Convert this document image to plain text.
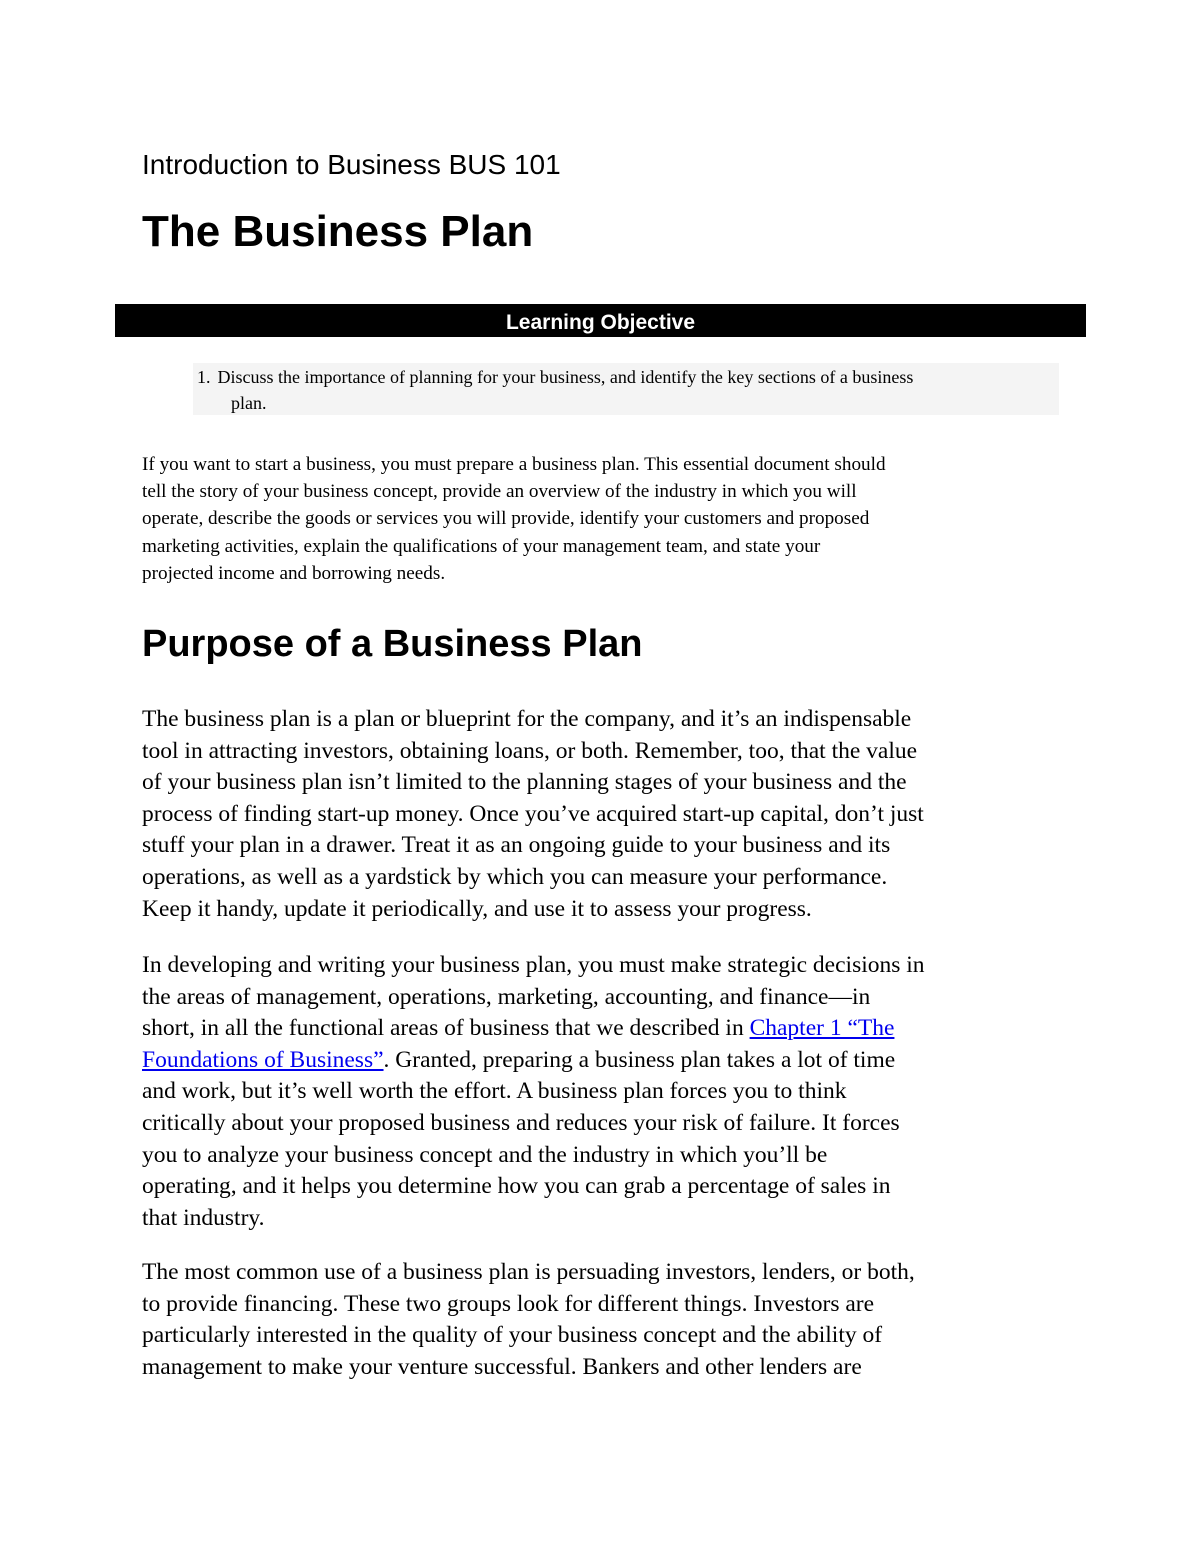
Introduction to Business BUS 101
The Business Plan
Learning Objective

1. Discuss the importance of planning for your business, and identify the key sections of a business
plan.

If you want to start a business, you must prepare a business plan. This essential document should
tell the story of your business concept, provide an overview of the industry in which you will
operate, describe the goods or services you will provide, identify your customers and proposed
marketing activities, explain the qualifications of your management team, and state your
projected income and borrowing needs.

Purpose of a Business Plan

The business plan is a plan or blueprint for the company, and it’s an indispensable
tool in attracting investors, obtaining loans, or both. Remember, too, that the value
of your business plan isn’t limited to the planning stages of your business and the
process of finding start-up money. Once you’ve acquired start-up capital, don’t just
stuff your plan in a drawer. Treat it as an ongoing guide to your business and its
operations, as well as a yardstick by which you can measure your performance.
Keep it handy, update it periodically, and use it to assess your progress.

In developing and writing your business plan, you must make strategic decisions in
the areas of management, operations, marketing, accounting, and finance—in
short, in all the functional areas of business that we described in Chapter 1 “The
Foundations of Business”. Granted, preparing a business plan takes a lot of time
and work, but it’s well worth the effort. A business plan forces you to think
critically about your proposed business and reduces your risk of failure. It forces
you to analyze your business concept and the industry in which you’ll be
operating, and it helps you determine how you can grab a percentage of sales in
that industry.

The most common use of a business plan is persuading investors, lenders, or both,
to provide financing. These two groups look for different things. Investors are
particularly interested in the quality of your business concept and the ability of
management to make your venture successful. Bankers and other lenders are
